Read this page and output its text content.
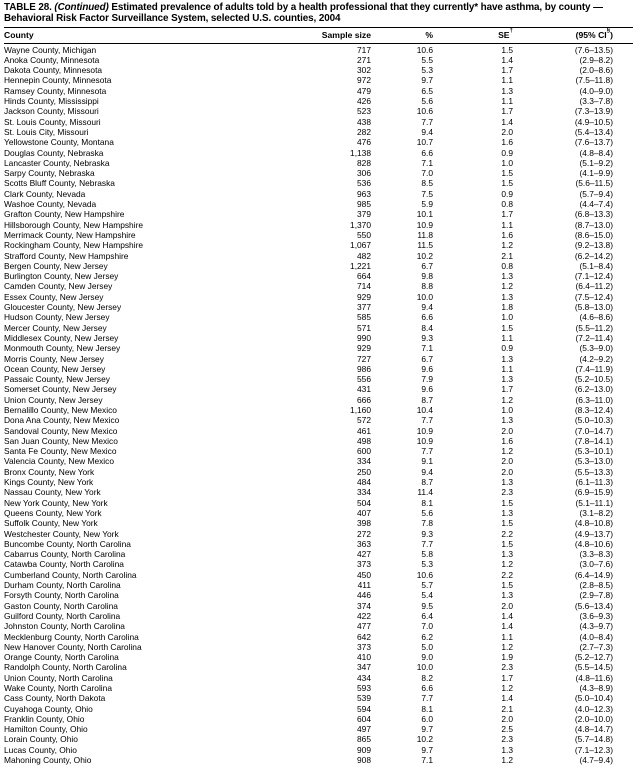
TABLE 28. (Continued) Estimated prevalence of adults told by a health professional that they currently* have asthma, by county —
Behavioral Risk Factor Surveillance System, selected U.S. counties, 2004
County	Sample size	%	SE†	(95% CI§)
Wayne County, Michigan	717	10.6	1.5	(7.6–13.5)
Anoka County, Minnesota	271	5.5	1.4	(2.9–8.2)
Dakota County, Minnesota	302	5.3	1.7	(2.0–8.6)
Hennepin County, Minnesota	972	9.7	1.1	(7.5–11.8)
Ramsey County, Minnesota	479	6.5	1.3	(4.0–9.0)
Hinds County, Mississippi	426	5.6	1.1	(3.3–7.8)
Jackson County, Missouri	523	10.6	1.7	(7.3–13.9)
St. Louis County, Missouri	438	7.7	1.4	(4.9–10.5)
St. Louis City, Missouri	282	9.4	2.0	(5.4–13.4)
Yellowstone County, Montana	476	10.7	1.6	(7.6–13.7)
Douglas County, Nebraska	1,138	6.6	0.9	(4.8–8.4)
Lancaster County, Nebraska	828	7.1	1.0	(5.1–9.2)
Sarpy County, Nebraska	306	7.0	1.5	(4.1–9.9)
Scotts Bluff County, Nebraska	536	8.5	1.5	(5.6–11.5)
Clark County, Nevada	963	7.5	0.9	(5.7–9.4)
Washoe County, Nevada	985	5.9	0.8	(4.4–7.4)
Grafton County, New Hampshire	379	10.1	1.7	(6.8–13.3)
Hillsborough County, New Hampshire	1,370	10.9	1.1	(8.7–13.0)
Merrimack County, New Hampshire	550	11.8	1.6	(8.6–15.0)
Rockingham County, New Hampshire	1,067	11.5	1.2	(9.2–13.8)
Strafford County, New Hampshire	482	10.2	2.1	(6.2–14.2)
Bergen County, New Jersey	1,221	6.7	0.8	(5.1–8.4)
Burlington County, New Jersey	664	9.8	1.3	(7.1–12.4)
Camden County, New Jersey	714	8.8	1.2	(6.4–11.2)
Essex County, New Jersey	929	10.0	1.3	(7.5–12.4)
Gloucester County, New Jersey	377	9.4	1.8	(5.8–13.0)
Hudson County, New Jersey	585	6.6	1.0	(4.6–8.6)
Mercer County, New Jersey	571	8.4	1.5	(5.5–11.2)
Middlesex County, New Jersey	990	9.3	1.1	(7.2–11.4)
Monmouth County, New Jersey	929	7.1	0.9	(5.3–9.0)
Morris County, New Jersey	727	6.7	1.3	(4.2–9.2)
Ocean County, New Jersey	986	9.6	1.1	(7.4–11.9)
Passaic County, New Jersey	556	7.9	1.3	(5.2–10.5)
Somerset County, New Jersey	431	9.6	1.7	(6.2–13.0)
Union County, New Jersey	666	8.7	1.2	(6.3–11.0)
Bernalillo County, New Mexico	1,160	10.4	1.0	(8.3–12.4)
Dona Ana County, New Mexico	572	7.7	1.3	(5.0–10.3)
Sandoval County, New Mexico	461	10.9	2.0	(7.0–14.7)
San Juan County, New Mexico	498	10.9	1.6	(7.8–14.1)
Santa Fe County, New Mexico	600	7.7	1.2	(5.3–10.1)
Valencia County, New Mexico	334	9.1	2.0	(5.3–13.0)
Bronx County, New York	250	9.4	2.0	(5.5–13.3)
Kings County, New York	484	8.7	1.3	(6.1–11.3)
Nassau County, New York	334	11.4	2.3	(6.9–15.9)
New York County, New York	504	8.1	1.5	(5.1–11.1)
Queens County, New York	407	5.6	1.3	(3.1–8.2)
Suffolk County, New York	398	7.8	1.5	(4.8–10.8)
Westchester County, New York	272	9.3	2.2	(4.9–13.7)
Buncombe County, North Carolina	363	7.7	1.5	(4.8–10.6)
Cabarrus County, North Carolina	427	5.8	1.3	(3.3–8.3)
Catawba County, North Carolina	373	5.3	1.2	(3.0–7.6)
Cumberland County, North Carolina	450	10.6	2.2	(6.4–14.9)
Durham County, North Carolina	411	5.7	1.5	(2.8–8.5)
Forsyth County, North Carolina	446	5.4	1.3	(2.9–7.8)
Gaston County, North Carolina	374	9.5	2.0	(5.6–13.4)
Guilford County, North Carolina	422	6.4	1.4	(3.6–9.3)
Johnston County, North Carolina	477	7.0	1.4	(4.3–9.7)
Mecklenburg County, North Carolina	642	6.2	1.1	(4.0–8.4)
New Hanover County, North Carolina	373	5.0	1.2	(2.7–7.3)
Orange County, North Carolina	410	9.0	1.9	(5.2–12.7)
Randolph County, North Carolina	347	10.0	2.3	(5.5–14.5)
Union County, North Carolina	434	8.2	1.7	(4.8–11.6)
Wake County, North Carolina	593	6.6	1.2	(4.3–8.9)
Cass County, North Dakota	539	7.7	1.4	(5.0–10.4)
Cuyahoga County, Ohio	594	8.1	2.1	(4.0–12.3)
Franklin County, Ohio	604	6.0	2.0	(2.0–10.0)
Hamilton County, Ohio	497	9.7	2.5	(4.8–14.7)
Lorain County, Ohio	865	10.2	2.3	(5.7–14.8)
Lucas County, Ohio	909	9.7	1.3	(7.1–12.3)
Mahoning County, Ohio	908	7.1	1.2	(4.7–9.4)
